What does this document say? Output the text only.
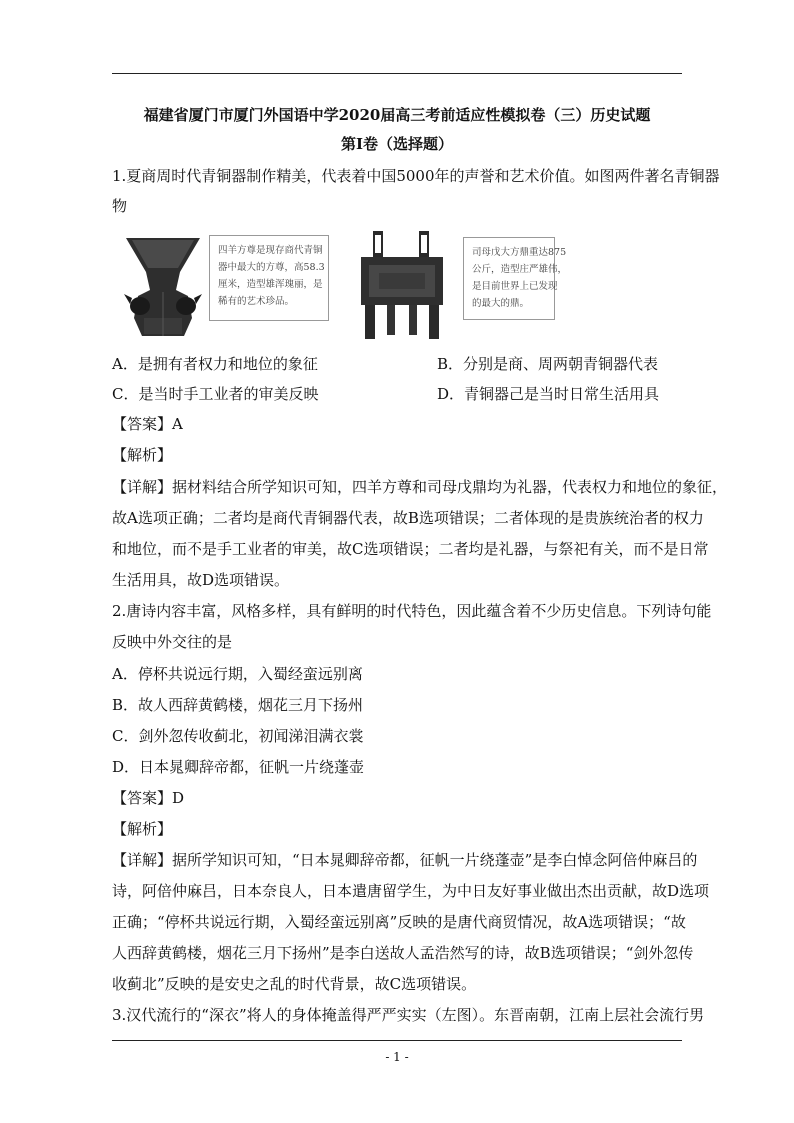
福建省厦门市厦门外国语中学2020届高三考前适应性模拟卷（三）历史试题
第Ⅰ卷（选择题）
1.夏商周时代青铜器制作精美，代表着中国5000年的声誉和艺术价值。如图两件著名青铜器
物
四羊方尊是现存商代青铜
器中最大的方尊，高58.3
厘米，造型雄浑瑰丽，是
稀有的艺术珍品。
司母戊大方鼎重达875
公斤，造型庄严雄伟，
是目前世界上已发现
的最大的鼎。
A．是拥有者权力和地位的象征	B．分别是商、周两朝青铜器代表
C．是当时手工业者的审美反映	D．青铜器己是当时日常生活用具
【答案】A
【解析】
【详解】据材料结合所学知识可知，四羊方尊和司母戊鼎均为礼器，代表权力和地位的象征，
故A选项正确；二者均是商代青铜器代表，故B选项错误；二者体现的是贵族统治者的权力
和地位，而不是手工业者的审美，故C选项错误；二者均是礼器，与祭祀有关，而不是日常
生活用具，故D选项错误。
2.唐诗内容丰富，风格多样，具有鲜明的时代特色，因此蕴含着不少历史信息。下列诗句能
反映中外交往的是
A．停杯共说远行期，入蜀经蛮远别离
B．故人西辞黄鹤楼，烟花三月下扬州
C．剑外忽传收蓟北，初闻涕泪满衣裳
D．日本晁卿辞帝都，征帆一片绕蓬壶
【答案】D
【解析】
【详解】据所学知识可知，“日本晁卿辞帝都，征帆一片绕蓬壶”是李白悼念阿倍仲麻吕的
诗，阿倍仲麻吕，日本奈良人，日本遣唐留学生，为中日友好事业做出杰出贡献，故D选项
正确；“停杯共说远行期，入蜀经蛮远别离”反映的是唐代商贸情况，故A选项错误；“故
人西辞黄鹤楼，烟花三月下扬州”是李白送故人孟浩然写的诗，故B选项错误；“剑外忽传
收蓟北”反映的是安史之乱的时代背景，故C选项错误。
3.汉代流行的“深衣”将人的身体掩盖得严严实实（左图）。东晋南朝，江南上层社会流行男
- 1 -
